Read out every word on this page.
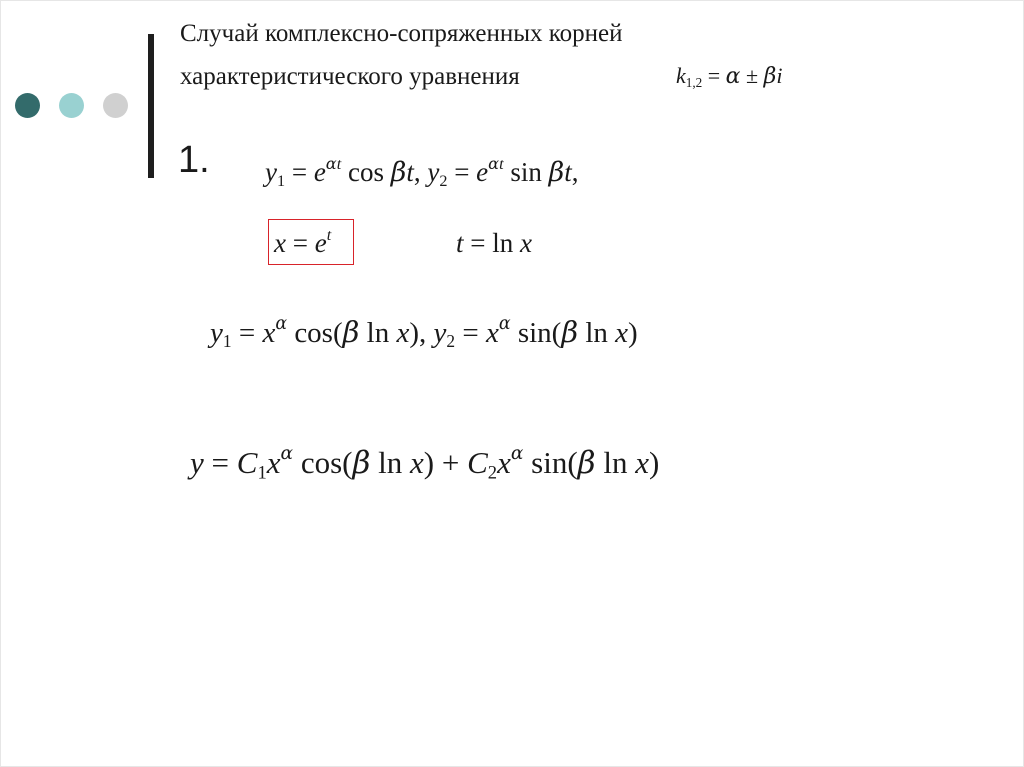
Случай комплексно-сопряженных корней
характеристического уравнения	$k_{1,2} = \alpha \pm \beta i$
1. $y_1 = e^{\alpha t}$ cos βt, $y_2 = e^{\alpha t}$ sin βt,
$x = e^t$	t = ln x
$y_1 = x^\alpha$ cos(β ln x), $y_2 = x^\alpha$ sin(β ln x)
$y = C_1x^\alpha$ cos(β $\ln x) + C_2x^\alpha$ sin(β ln x)
